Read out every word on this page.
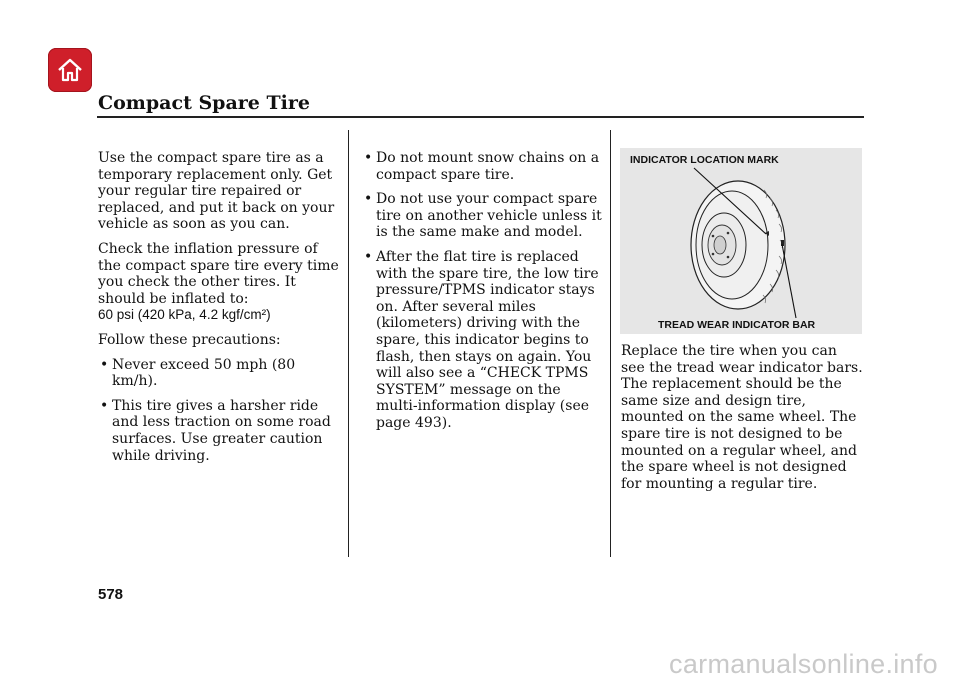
Compact Spare Tire

Use the compact spare tire as a temporary replacement only. Get your regular tire repaired or replaced, and put it back on your vehicle as soon as you can.

Check the inflation pressure of the compact spare tire every time you check the other tires. It should be inflated to:

60 psi (420 kPa, 4.2 kgf/cm²)

Follow these precautions:

• Never exceed 50 mph (80 km/h).
• This tire gives a harsher ride and less traction on some road surfaces. Use greater caution while driving.
• Do not mount snow chains on a compact spare tire.
• Do not use your compact spare tire on another vehicle unless it is the same make and model.
• After the flat tire is replaced with the spare tire, the low tire pressure/TPMS indicator stays on. After several miles (kilometers) driving with the spare, this indicator begins to flash, then stays on again. You will also see a “CHECK TPMS SYSTEM” message on the multi-information display (see page 493).
INDICATOR LOCATION MARK
TREAD WEAR INDICATOR BAR

Replace the tire when you can see the tread wear indicator bars. The replacement should be the same size and design tire, mounted on the same wheel. The spare tire is not designed to be mounted on a regular wheel, and the spare wheel is not designed for mounting a regular tire.

578
carmanualsonline.info
